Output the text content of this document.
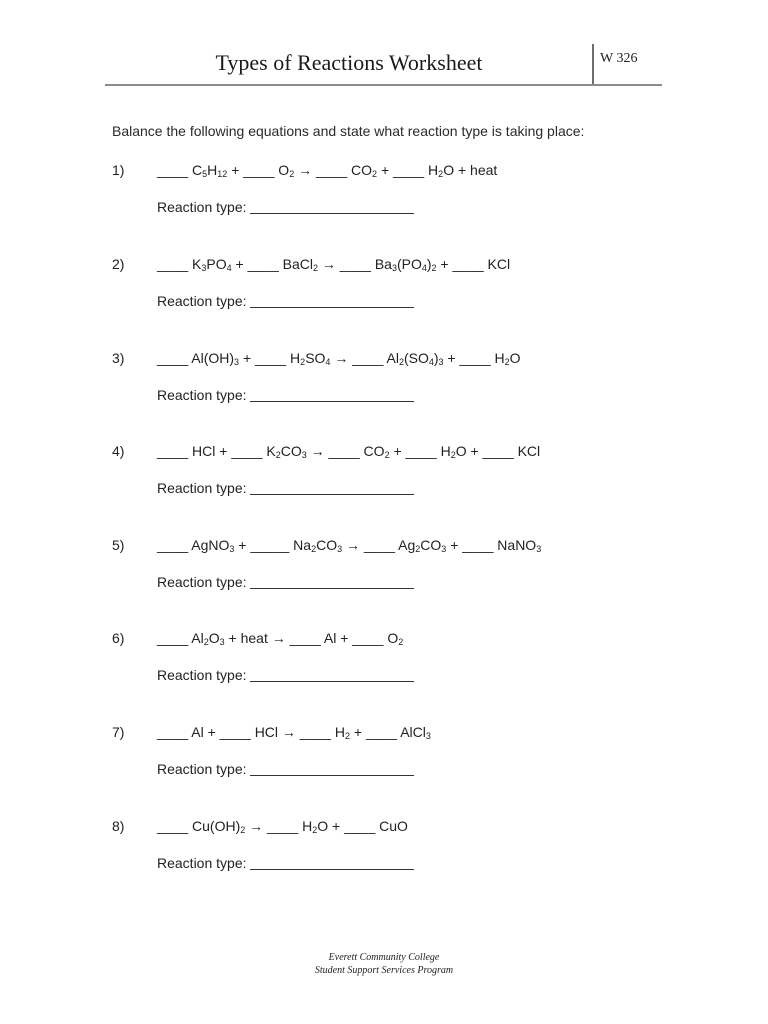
Types of Reactions Worksheet	W 326
Balance the following equations and state what reaction type is taking place:
1) ____ $C_5H_{12}$ + ____ $O_2$ → ____ $CO_2$ + ____ $H_2O$ + heat
Reaction type:
2) ____ $K_3PO_4$ + ____ BaCl$_2$ → ____ $Ba_3(PO_4)_2$ + ____ KCl
Reaction type:
3) ____ $Al(OH)_3$ + ____ $H_2SO_4$ → ____ $Al_2(SO_4)_3$ + ____ $H_2O$
Reaction type:
4) ____ HCl + ____ $K_2CO_3$ → ____ $CO_2$ + ____ $H_2O$ + ____ KCl
Reaction type:
5) ____ AgNO$_3$ + _____ $Na_2CO_3$ → ____ $Ag_2CO_3$ + ____ NaNO$_3$
Reaction type:
6) ____ $Al_2O_3$ + heat → ____ Al + ____ $O_2$
Reaction type:
7) ____ Al + ____ HCl → ____ $H_2$ + ____ AlCl$_3$
Reaction type:
8) ____ $Cu(OH)_2$ → ____ $H_2O$ + ____ CuO
Reaction type:
Everett Community College
Student Support Services Program
